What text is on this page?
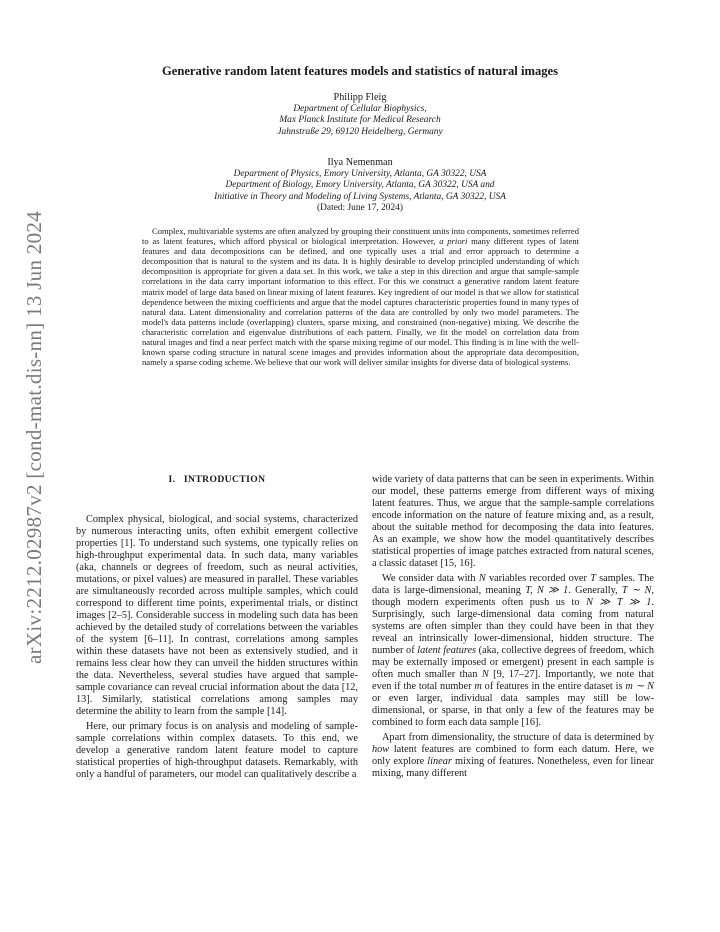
arXiv:2212.02987v2 [cond-mat.dis-nn] 13 Jun 2024
Generative random latent features models and statistics of natural images
Philipp Fleig
Department of Cellular Biophysics,
Max Planck Institute for Medical Research
Jahnstraße 29, 69120 Heidelberg, Germany
Ilya Nemenman
Department of Physics, Emory University, Atlanta, GA 30322, USA
Department of Biology, Emory University, Atlanta, GA 30322, USA and
Initiative in Theory and Modeling of Living Systems, Atlanta, GA 30322, USA
(Dated: June 17, 2024)
Complex, multivariable systems are often analyzed by grouping their constituent units into components, sometimes referred to as latent features, which afford physical or biological interpretation. However, a priori many different types of latent features and data decompositions can be defined, and one typically uses a trial and error approach to determine a decomposition that is natural to the system and its data. It is highly desirable to develop principled understanding of which decomposition is appropriate for given a data set. In this work, we take a step in this direction and argue that sample-sample correlations in the data carry important information to this effect. For this we construct a generative random latent feature matrix model of large data based on linear mixing of latent features. Key ingredient of our model is that we allow for statistical dependence between the mixing coefficients and argue that the model captures characteristic properties found in many types of natural data. Latent dimensionality and correlation patterns of the data are controlled by only two model parameters. The model's data patterns include (overlapping) clusters, sparse mixing, and constrained (non-negative) mixing. We describe the characteristic correlation and eigenvalue distributions of each pattern. Finally, we fit the model on correlation data from natural images and find a near perfect match with the sparse mixing regime of our model. This finding is in line with the well-known sparse coding structure in natural scene images and provides information about the appropriate data decomposition, namely a sparse coding scheme. We believe that our work will deliver similar insights for diverse data of biological systems.
I. INTRODUCTION

Complex physical, biological, and social systems, characterized by numerous interacting units, often exhibit emergent collective properties [1]. To understand such systems, one typically relies on high-throughput experimental data. In such data, many variables (aka, channels or degrees of freedom, such as neural activities, mutations, or pixel values) are measured in parallel. These variables are simultaneously recorded across multiple samples, which could correspond to different time points, experimental trials, or distinct images [2–5]. Considerable success in modeling such data has been achieved by the detailed study of correlations between the variables of the system [6–11]. In contrast, correlations among samples within these datasets have not been as extensively studied, and it remains less clear how they can unveil the hidden structures within the data. Nevertheless, several studies have argued that sample-sample covariance can reveal crucial information about the data [12, 13]. Similarly, statistical correlations among samples may determine the ability to learn from the sample [14].

Here, our primary focus is on analysis and modeling of sample-sample correlations within complex datasets. To this end, we develop a generative random latent feature model to capture statistical properties of high-throughput datasets. Remarkably, with only a handful of parameters, our model can qualitatively describe a

wide variety of data patterns that can be seen in experiments. Within our model, these patterns emerge from different ways of mixing latent features. Thus, we argue that the sample-sample correlations encode information on the nature of feature mixing and, as a result, about the suitable method for decomposing the data into features. As an example, we show how the model quantitatively describes statistical properties of image patches extracted from natural scenes, a classic dataset [15, 16].

We consider data with N variables recorded over T samples. The data is large-dimensional, meaning T, N ≫ 1. Generally, T ∼ N, though modern experiments often push us to N ≫ T ≫ 1. Surprisingly, such large-dimensional data coming from natural systems are often simpler than they could have been in that they reveal an intrinsically lower-dimensional, hidden structure. The number of latent features (aka, collective degrees of freedom, which may be externally imposed or emergent) present in each sample is often much smaller than N [9, 17–27]. Importantly, we note that even if the total number m of features in the entire dataset is m ∼ N or even larger, individual data samples may still be low-dimensional, or sparse, in that only a few of the features may be combined to form each data sample [16].

Apart from dimensionality, the structure of data is determined by how latent features are combined to form each datum. Here, we only explore linear mixing of features. Nonetheless, even for linear mixing, many different
